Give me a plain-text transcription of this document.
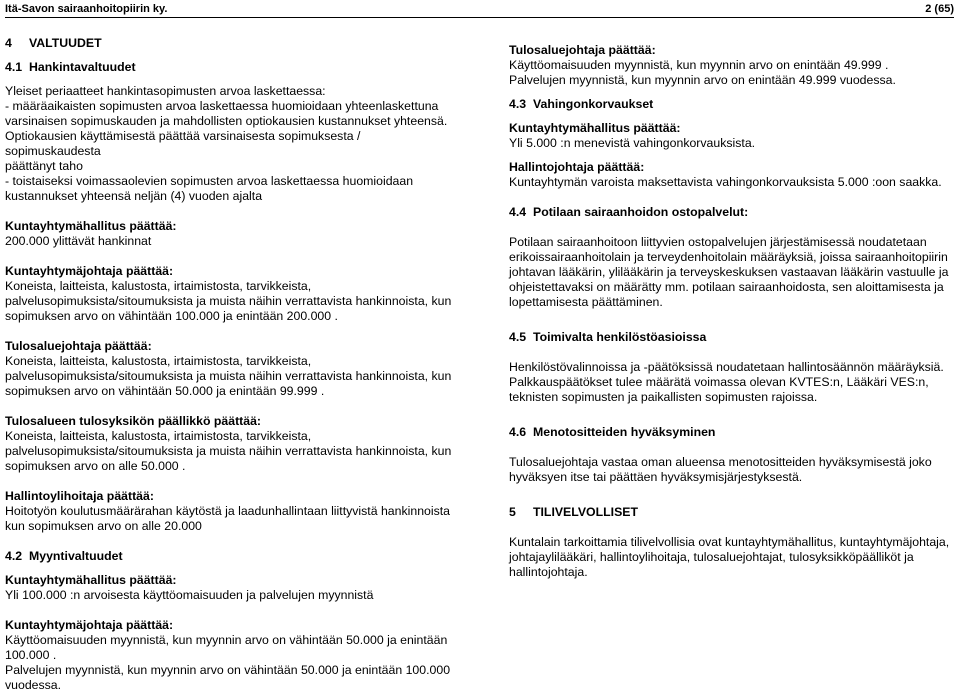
Itä-Savon sairaanhoitopiirin ky.	2 (65)

4 VALTUUDET

4.1 Hankintavaltuudet

Yleiset periaatteet hankintasopimusten arvoa laskettaessa:

- määräaikaisten sopimusten arvoa laskettaessa huomioidaan yhteenlaskettuna

varsinaisen sopimuskauden ja mahdollisten optiokausien kustannukset yhteensä.

Optiokausien käyttämisestä päättää varsinaisesta sopimuksesta / sopimuskaudesta

päättänyt taho

- toistaiseksi voimassaolevien sopimusten arvoa laskettaessa huomioidaan

kustannukset yhteensä neljän (4) vuoden ajalta

Kuntayhtymähallitus päättää:

200.000 ylittävät hankinnat

Kuntayhtymäjohtaja päättää:

Koneista, laitteista, kalustosta, irtaimistosta, tarvikkeista,

palvelusopimuksista/sitoumuksista ja muista näihin verrattavista hankinnoista, kun

sopimuksen arvo on vähintään 100.000 ja enintään 200.000 .

Tulosaluejohtaja päättää:

Koneista, laitteista, kalustosta, irtaimistosta, tarvikkeista,

palvelusopimuksista/sitoumuksista ja muista näihin verrattavista hankinnoista, kun

sopimuksen arvo on vähintään 50.000 ja enintään 99.999 .

Tulosalueen tulosyksikön päällikkö päättää:

Koneista, laitteista, kalustosta, irtaimistosta, tarvikkeista,

palvelusopimuksista/sitoumuksista ja muista näihin verrattavista hankinnoista, kun

sopimuksen arvo on alle 50.000 .

Hallintoylihoitaja päättää:

Hoitotyön koulutusmäärärahan käytöstä ja laadunhallintaan liittyvistä hankinnoista

kun sopimuksen arvo on alle 20.000

4.2 Myyntivaltuudet

Kuntayhtymähallitus päättää:

Yli 100.000 :n arvoisesta käyttöomaisuuden ja palvelujen myynnistä

Kuntayhtymäjohtaja päättää:

Käyttöomaisuuden myynnistä, kun myynnin arvo on vähintään 50.000 ja enintään

100.000 .

Palvelujen myynnistä, kun myynnin arvo on vähintään 50.000 ja enintään 100.000

vuodessa.

Tulosaluejohtaja päättää:

Käyttöomaisuuden myynnistä, kun myynnin arvo on enintään 49.999 .

Palvelujen myynnistä, kun myynnin arvo on enintään 49.999 vuodessa.

4.3 Vahingonkorvaukset

Kuntayhtymähallitus päättää:

Yli 5.000 :n menevistä vahingonkorvauksista.

Hallintojohtaja päättää:

Kuntayhtymän varoista maksettavista vahingonkorvauksista 5.000 :oon saakka.

4.4 Potilaan sairaanhoidon ostopalvelut:

Potilaan sairaanhoitoon liittyvien ostopalvelujen järjestämisessä noudatetaan

erikoissairaanhoitolain ja terveydenhoitolain määräyksiä, joissa sairaanhoitopiirin

johtavan lääkärin, ylilääkärin ja terveyskeskuksen vastaavan lääkärin vastuulle ja

ohjeistettavaksi on määrätty mm. potilaan sairaanhoidosta, sen aloittamisesta ja

lopettamisesta päättäminen.

4.5 Toimivalta henkilöstöasioissa

Henkilöstövalinnoissa ja -päätöksissä noudatetaan hallintosäännön määräyksiä.

Palkkauspäätökset tulee määrätä voimassa olevan KVTES:n, Lääkäri VES:n,

teknisten sopimusten ja paikallisten sopimusten rajoissa.

4.6 Menotositteiden hyväksyminen

Tulosaluejohtaja vastaa oman alueensa menotositteiden hyväksymisestä joko

hyväksyen itse tai päättäen hyväksymisjärjestyksestä.

5 TILIVELVOLLISET

Kuntalain tarkoittamia tilivelvollisia ovat kuntayhtymähallitus, kuntayhtymäjohtaja,

johtajaylilääkäri, hallintoylihoitaja, tulosaluejohtajat, tulosyksikköpäälliköt ja

hallintojohtaja.
